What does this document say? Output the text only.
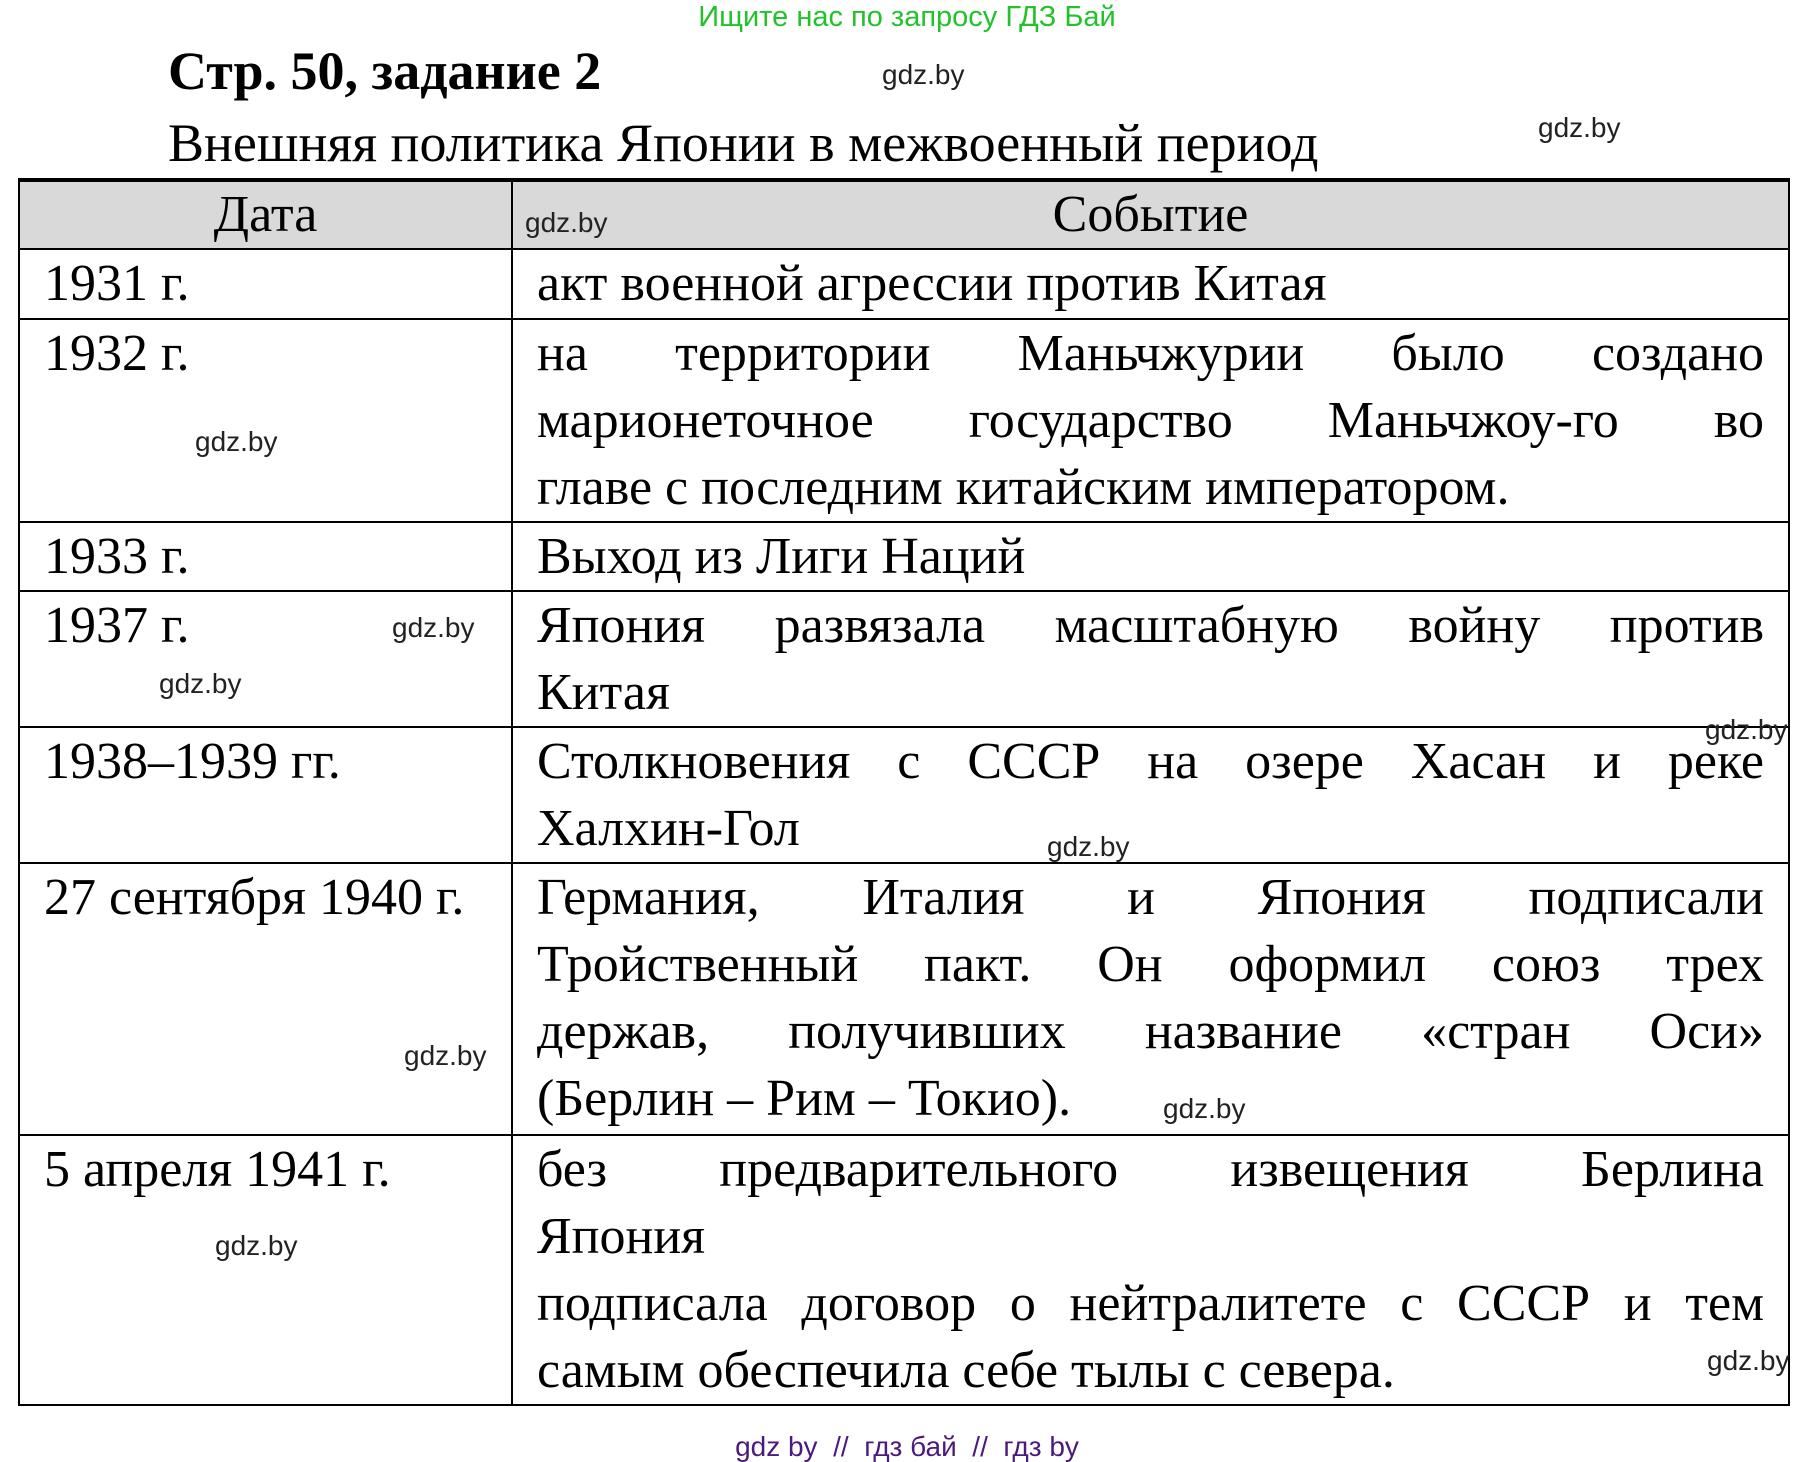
Ищите нас по запросу ГДЗ Бай
Стр. 50, задание 2
Внешняя политика Японии в межвоенный период
Дата	Событие
1931 г.	акт военной агрессии против Китая

1932 г.	на территории Маньчжурии было создано
марионеточное государство Маньчжоу-го во
главе с последним китайским императором.

1933 г.	Выход из Лиги Наций

1937 г.	Япония развязала масштабную войну против
Китая

1938–1939 гг.	Столкновения с СССР на озере Хасан и реке
Халхин-Гол

27 сентября 1940 г.	Германия, Италия и Япония подписали
Тройственный пакт. Он оформил союз трех
держав, получивших название «стран Оси»
(Берлин – Рим – Токио).

5 апреля 1941 г.	без предварительного извещения Берлина
Япония
подписала договор о нейтралитете с СССР и тем
самым обеспечила себе тылы с севера.
gdz.by
gdz.by
gdz.by
gdz.by
gdz.by
gdz.by
gdz.by
gdz.by
gdz.by
gdz.by
gdz.by
gdz.by
gdz by  //  гдз бай  //  гдз by
